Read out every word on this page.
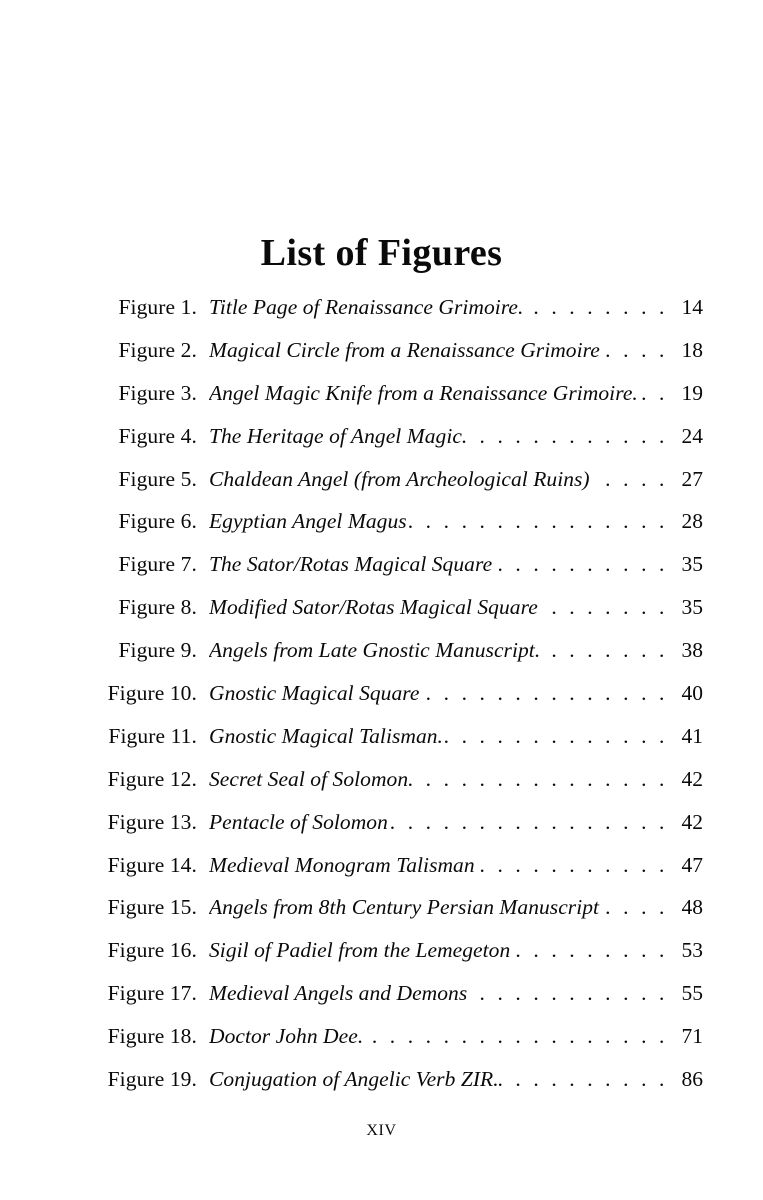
List of Figures
Figure 1. Title Page of Renaissance Grimoire. . . .	14
Figure 2. Magical Circle from a Renaissance Grimoire . . .	18
Figure 3. Angel Magic Knife from a Renaissance Grimoire. . . .	19
Figure 4. The Heritage of Angel Magic. . . .	24
Figure 5. Chaldean Angel (from Archeological Ruins) . . .	27
Figure 6. Egyptian Angel Magus . . .	28
Figure 7. The Sator/Rotas Magical Square . . .	35
Figure 8. Modified Sator/Rotas Magical Square . . .	35
Figure 9. Angels from Late Gnostic Manuscript. . . .	38
Figure 10. Gnostic Magical Square . . .	40
Figure 11. Gnostic Magical Talisman. . . .	41
Figure 12. Secret Seal of Solomon. . . .	42
Figure 13. Pentacle of Solomon . . .	42
Figure 14. Medieval Monogram Talisman . . .	47
Figure 15. Angels from 8th Century Persian Manuscript . . .	48
Figure 16. Sigil of Padiel from the Lemegeton . . .	53
Figure 17. Medieval Angels and Demons . . .	55
Figure 18. Doctor John Dee. . . .	71
Figure 19. Conjugation of Angelic Verb ZIR. . . .	86
XIV
